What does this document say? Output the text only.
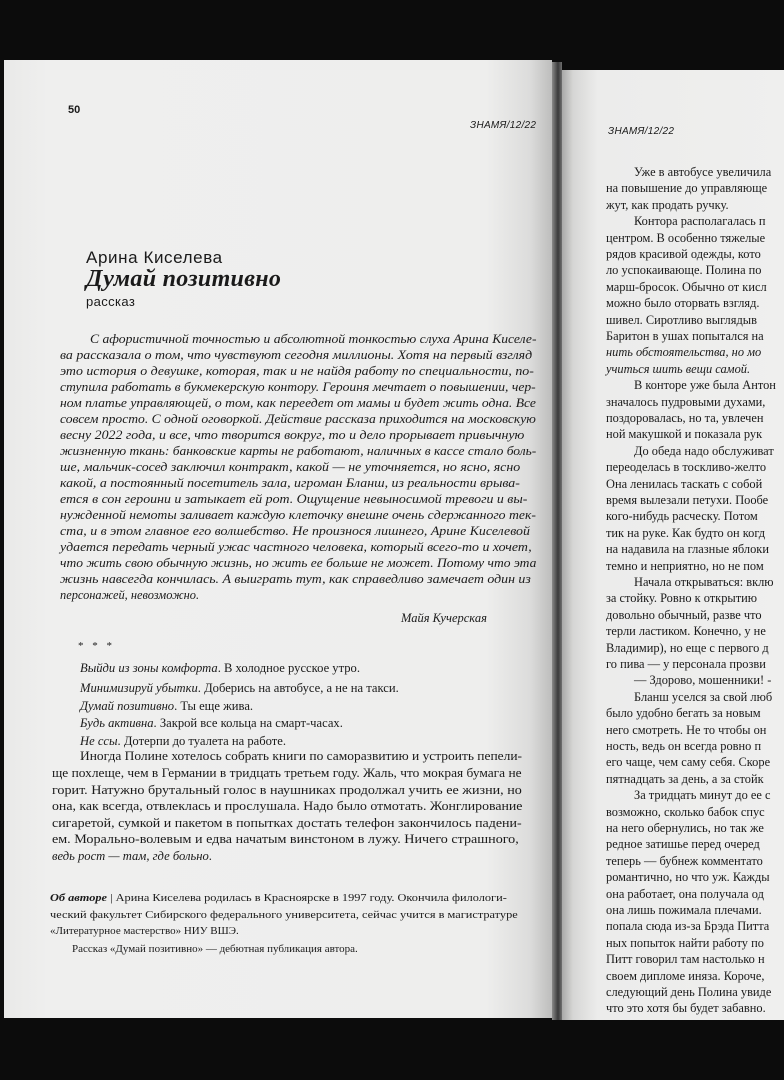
50
ЗНАМЯ/12/22
ЗНАМЯ/12/22
Арина Киселева
Думай позитивно
рассказ
С афористичной точностью и абсолютной тонкостью слуха Арина Киселе-
ва рассказала о том, что чувствуют сегодня миллионы. Хотя на первый взгляд
это история о девушке, которая, так и не найдя работу по специальности, по-
ступила работать в букмекерскую контору. Героиня мечтает о повышении, чер-
ном платье управляющей, о том, как переедет от мамы и будет жить одна. Все
совсем просто. С одной оговоркой. Действие рассказа приходится на московскую
весну 2022 года, и все, что творится вокруг, то и дело прорывает привычную
жизненную ткань: банковские карты не работают, наличных в кассе стало боль-
ше, мальчик-сосед заключил контракт, какой — не уточняется, но ясно, ясно
какой, а постоянный посетитель зала, игроман Бланш, из реальности врыва-
ется в сон героини и затыкает ей рот. Ощущение невыносимой тревоги и вы-
нужденной немоты заливает каждую клеточку внешне очень сдержанного тек-
ста, и в этом главное его волшебство. Не произнося лишнего, Арине Киселевой
удается передать черный ужас частного человека, который всего-то и хочет,
что жить свою обычную жизнь, но жить ее больше не может. Потому что эта
жизнь навсегда кончилась. А выиграть тут, как справедливо замечает один из
персонажей, невозможно.
Майя Кучерская
* * *
Выйди из зоны комфорта. В холодное русское утро.
Минимизируй убытки. Доберись на автобусе, а не на такси.
Думай позитивно. Ты еще жива.
Будь активна. Закрой все кольца на смарт-часах.
Не ссы. Дотерпи до туалета на работе.
Иногда Полине хотелось собрать книги по саморазвитию и устроить пепели-
ще похлеще, чем в Германии в тридцать третьем году. Жаль, что мокрая бумага не
горит. Натужно брутальный голос в наушниках продолжал учить ее жизни, но
она, как всегда, отвлеклась и прослушала. Надо было отмотать. Жонглирование
сигаретой, сумкой и пакетом в попытках достать телефон закончилось падени-
ем. Морально-волевым и едва начатым винстоном в лужу. Ничего страшного,
ведь рост — там, где больно.
Об авторе | Арина Киселева родилась в Красноярске в 1997 году. Окончила филологи-
ческий факультет Сибирского федерального университета, сейчас учится в магистратуре
«Литературное мастерство» НИУ ВШЭ.
Рассказ «Думай позитивно» — дебютная публикация автора.
Уже в автобусе увеличила
на повышение до управляюще
жут, как продать ручку.
Контора располагалась п
центром. В особенно тяжелые
рядов красивой одежды, кото
ло успокаивающе. Полина по
марш-бросок. Обычно от кисл
можно было оторвать взгляд.
шивел. Сиротливо выглядыв
Баритон в ушах попытался на
нить обстоятельства, но мо
учиться шить вещи самой.
В конторе уже была Антон
значалось пудровыми духами,
поздоровалась, но та, увлечен
ной макушкой и показала рук
До обеда надо обслуживат
переоделась в тоскливо-желто
Она ленилась таскать с собой
время вылезали петухи. Пообе
кого-нибудь расческу. Потом
тик на руке. Как будто он когд
на надавила на глазные яблоки
темно и неприятно, но не пом
Начала открываться: вклю
за стойку. Ровно к открытию
довольно обычный, разве что
терли ластиком. Конечно, у не
Владимир), но еще с первого д
го пива — у персонала прозви
— Здорово, мошенники! -
Бланш уселся за свой люб
было удобно бегать за новым
него смотреть. Не то чтобы он
ность, ведь он всегда ровно п
его чаще, чем саму себя. Скоре
пятнадцать за день, а за стойк
За тридцать минут до ее с
возможно, сколько бабок спус
на него обернулись, но так же
редное затишье перед очеред
теперь — бубнеж комментато
романтично, но что уж. Кажды
она работает, она получала од
она лишь пожимала плечами.
попала сюда из-за Брэда Питта
ных попыток найти работу по
Питт говорил там настолько н
своем дипломе иняза. Короче,
следующий день Полина увиде
что это хотя бы будет забавно.
